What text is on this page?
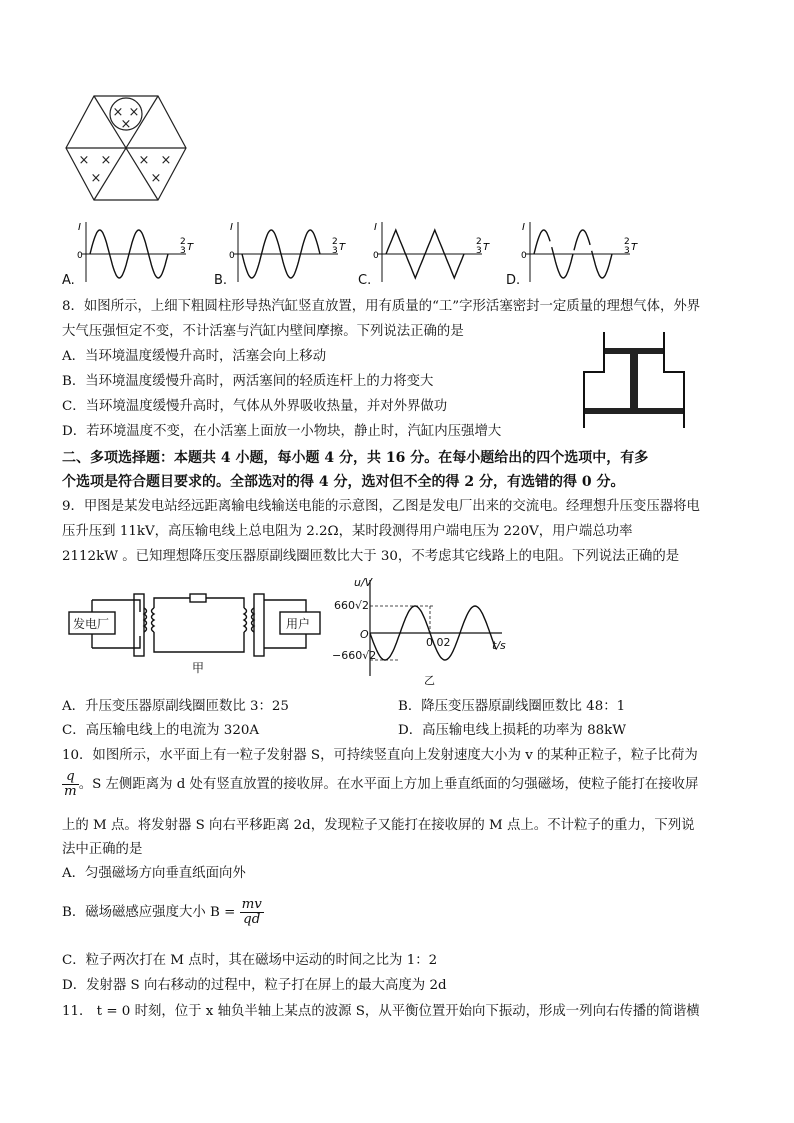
× ×
×
× ×
×
× ×
×
I
0
2
3 T
I
0
2
3 T
I
0
2
3 T
I
0
2
3 T
A.	B.	C.	D.
8．如图所示，上细下粗圆柱形导热汽缸竖直放置，用有质量的“工”字形活塞密封一定质量的理想气体，外界
大气压强恒定不变，不计活塞与汽缸内壁间摩擦。下列说法正确的是
A．当环境温度缓慢升高时，活塞会向上移动
B．当环境温度缓慢升高时，两活塞间的轻质连杆上的力将变大
C．当环境温度缓慢升高时，气体从外界吸收热量，并对外界做功
D．若环境温度不变，在小活塞上面放一小物块，静止时，汽缸内压强增大
二、多项选择题：本题共 4 小题，每小题 4 分，共 16 分。在每小题给出的四个选项中，有多
个选项是符合题目要求的。全部选对的得 4 分，选对但不全的得 2 分，有选错的得 0 分。
9．甲图是某发电站经远距离输电线输送电能的示意图，乙图是发电厂出来的交流电。经理想升压变压器将电
压升压到 11kV，高压输电线上总电阻为 2.2Ω，某时段测得用户端电压为 220V，用户端总功率
2112kW 。已知理想降压变压器原副线圈匝数比大于 30，不考虑其它线路上的电阻。下列说法正确的是
发电厂	用户
甲
u/V
660√2
−660√2
O
0.02	t/s
乙
A．升压变压器原副线圈匝数比 3：25	B．降压变压器原副线圈匝数比 48：1
C．高压输电线上的电流为 320A	D．高压输电线上损耗的功率为 88kW
10．如图所示，水平面上有一粒子发射器 S，可持续竖直向上发射速度大小为 v 的某种正粒子，粒子比荷为
$\frac{q}{m}$ 。S 左侧距离为 d 处有竖直放置的接收屏。在水平面上方加上垂直纸面的匀强磁场，使粒子能打在接收屏
上的 M 点。将发射器 S 向右平移距离 2d，发现粒子又能打在接收屏的 M 点上。不计粒子的重力，下列说
法中正确的是
A．匀强磁场方向垂直纸面向外
B．磁场磁感应强度大小 $B = \frac{mv}{qd}$
C．粒子两次打在 M 点时，其在磁场中运动的时间之比为 1：2
D．发射器 S 向右移动的过程中，粒子打在屏上的最大高度为 2d
11． t = 0 时刻，位于 x 轴负半轴上某点的波源 S，从平衡位置开始向下振动，形成一列向右传播的简谐横
